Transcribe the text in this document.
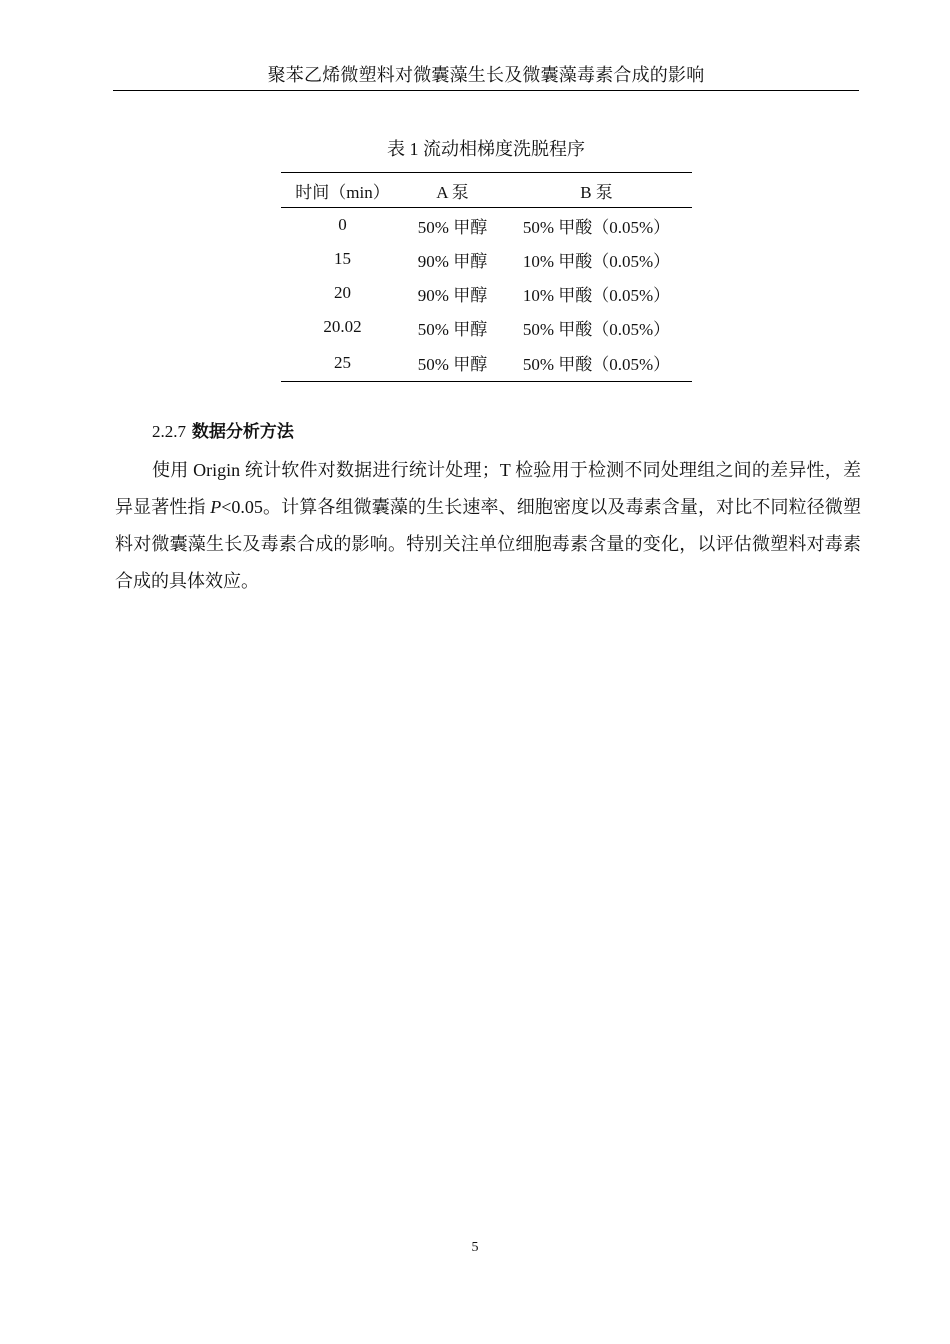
聚苯乙烯微塑料对微囊藻生长及微囊藻毒素合成的影响
表 1 流动相梯度洗脱程序
时间（min）	A 泵	B 泵
0	50% 甲醇	50% 甲酸（0.05%）
15	90% 甲醇	10% 甲酸（0.05%）
20	90% 甲醇	10% 甲酸（0.05%）
20.02	50% 甲醇	50% 甲酸（0.05%）
25	50% 甲醇	50% 甲酸（0.05%）
2.2.7 数据分析方法

使用 Origin 统计软件对数据进行统计处理；T 检验用于检测不同处理组之间的差异性，差异显著性指 P<0.05。计算各组微囊藻的生长速率、细胞密度以及毒素含量，对比不同粒径微塑料对微囊藻生长及毒素合成的影响。特别关注单位细胞毒素含量的变化，以评估微塑料对毒素合成的具体效应。

5
